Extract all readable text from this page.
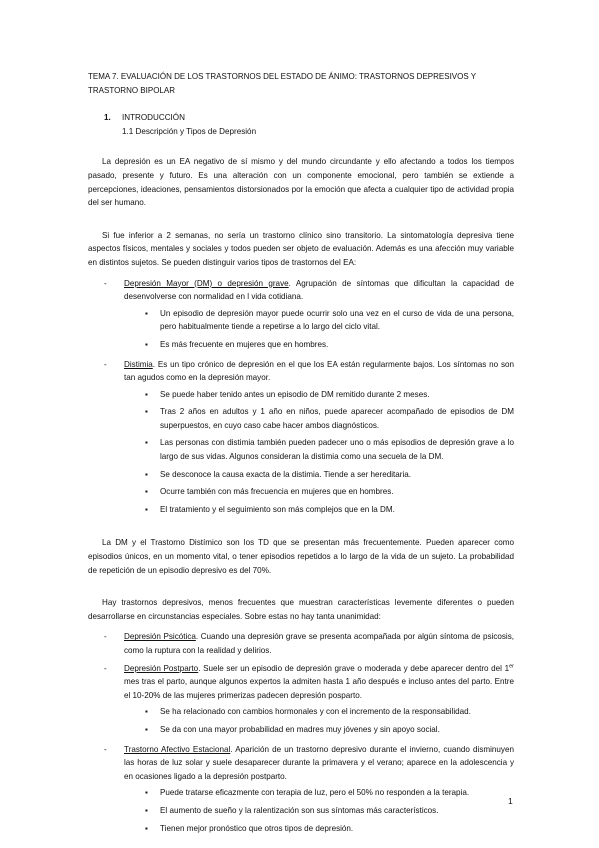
TEMA 7. EVALUACIÓN DE LOS TRASTORNOS DEL ESTADO DE ÁNIMO: TRASTORNOS DEPRESIVOS Y TRASTORNO BIPOLAR
1.	INTRODUCCIÓN
1.1 Descripción y Tipos de Depresión

La depresión es un EA negativo de sí mismo y del mundo circundante y ello afectando a todos los tiempos pasado, presente y futuro. Es una alteración con un componente emocional, pero también se extiende a percepciones, ideaciones, pensamientos distorsionados por la emoción que afecta a cualquier tipo de actividad propia del ser humano.

Si fue inferior a 2 semanas, no sería un trastorno clínico sino transitorio. La sintomatología depresiva tiene aspectos físicos, mentales y sociales y todos pueden ser objeto de evaluación. Además es una afección muy variable en distintos sujetos. Se pueden distinguir varios tipos de trastornos del EA:

- Depresión Mayor (DM) o depresión grave. Agrupación de síntomas que dificultan la capacidad de desenvolverse con normalidad en l vida cotidiana.
▪ Un episodio de depresión mayor puede ocurrir solo una vez en el curso de vida de una persona, pero habitualmente tiende a repetirse a lo largo del ciclo vital.
▪ Es más frecuente en mujeres que en hombres.
- Distimia. Es un tipo crónico de depresión en el que los EA están regularmente bajos. Los síntomas no son tan agudos como en la depresión mayor.
▪ Se puede haber tenido antes un episodio de DM remitido durante 2 meses.
▪ Tras 2 años en adultos y 1 año en niños, puede aparecer acompañado de episodios de DM superpuestos, en cuyo caso cabe hacer ambos diagnósticos.
▪ Las personas con distimia también pueden padecer uno o más episodios de depresión grave a lo largo de sus vidas. Algunos consideran la distimia como una secuela de la DM.
▪ Se desconoce la causa exacta de la distimia. Tiende a ser hereditaria.
▪ Ocurre también con más frecuencia en mujeres que en hombres.
▪ El tratamiento y el seguimiento son más complejos que en la DM.

La DM y el Trastorno Distímico son los TD que se presentan más frecuentemente. Pueden aparecer como episodios únicos, en un momento vital, o tener episodios repetidos a lo largo de la vida de un sujeto. La probabilidad de repetición de un episodio depresivo es del 70%.

Hay trastornos depresivos, menos frecuentes que muestran características levemente diferentes o pueden desarrollarse en circunstancias especiales. Sobre estas no hay tanta unanimidad:

- Depresión Psicótica. Cuando una depresión grave se presenta acompañada por algún síntoma de psicosis, como la ruptura con la realidad y delirios.
- Depresión Postparto. Suele ser un episodio de depresión grave o moderada y debe aparecer dentro del 1er mes tras el parto, aunque algunos expertos la admiten hasta 1 año después e incluso antes del parto. Entre el 10-20% de las mujeres primerizas padecen depresión posparto.
▪ Se ha relacionado con cambios hormonales y con el incremento de la responsabilidad.
▪ Se da con una mayor probabilidad en madres muy jóvenes y sin apoyo social.
- Trastorno Afectivo Estacional. Aparición de un trastorno depresivo durante el invierno, cuando disminuyen las horas de luz solar y suele desaparecer durante la primavera y el verano; aparece en la adolescencia y en ocasiones ligado a la depresión postparto.
▪ Puede tratarse eficazmente con terapia de luz, pero el 50% no responden a la terapia.
▪ El aumento de sueño y la ralentización son sus síntomas más característicos.
▪ Tienen mejor pronóstico que otros tipos de depresión.
1
